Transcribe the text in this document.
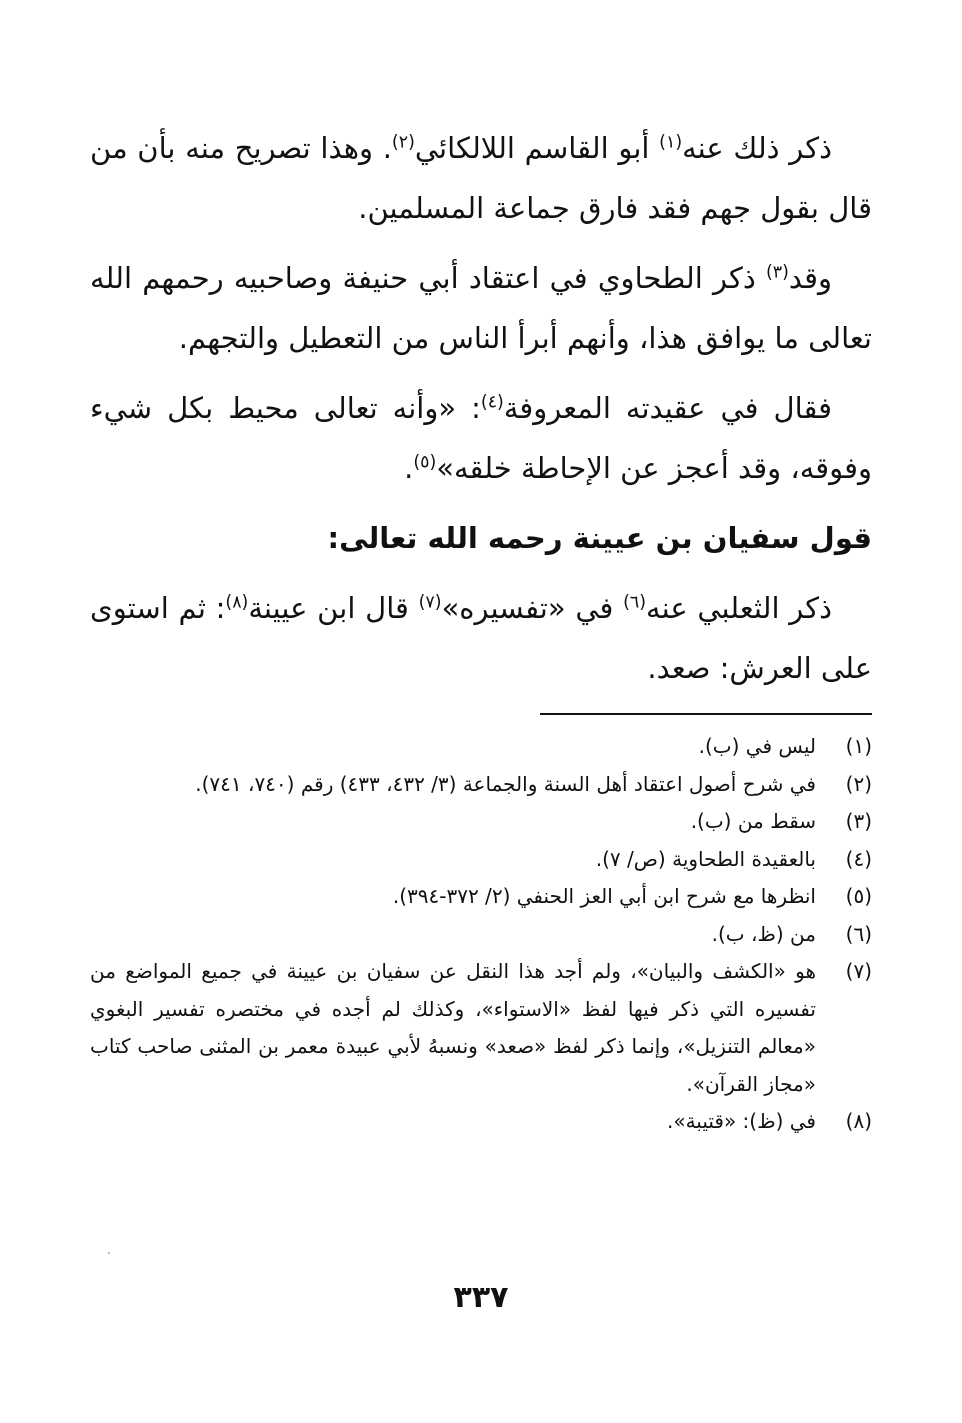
ذكر ذلك عنه$^{(١)}$ أبو القاسم اللالكائي$^{(٢)}$. وهذا تصريح منه بأن من قال بقول جهم فقد فارق جماعة المسلمين.

وقد$^{(٣)}$ ذكر الطحاوي في اعتقاد أبي حنيفة وصاحبيه رحمهم الله تعالى ما يوافق هذا، وأنهم أبرأ الناس من التعطيل والتجهم.

فقال في عقيدته المعروفة$^{(٤)}$: «وأنه تعالى محيط بكل شيء وفوقه، وقد أعجز عن الإحاطة خلقه»$^{(٥)}$.

قول سفيان بن عيينة رحمه الله تعالى:

ذكر الثعلبي عنه$^{(٦)}$ في «تفسيره»$^{(٧)}$ قال ابن عيينة$^{(٨)}$: ثم استوى على العرش: صعد.

(١)
ليس في (ب).
(٢)
في شرح أصول اعتقاد أهل السنة والجماعة (٣/ ٤٣٢، ٤٣٣) رقم (٧٤٠، ٧٤١).
(٣)
سقط من (ب).
(٤)
بالعقيدة الطحاوية (ص/ ٧).
(٥)
انظرها مع شرح ابن أبي العز الحنفي (٢/ ٣٧٢-٣٩٤).
(٦)
من (ظ، ب).
(٧)
هو «الكشف والبيان»، ولم أجد هذا النقل عن سفيان بن عيينة في جميع المواضع من تفسيره التي ذكر فيها لفظ «الاستواء»، وكذلك لم أجده في مختصره تفسير البغوي «معالم التنزيل»، وإنما ذكر لفظ «صعد» ونسبهُ لأبي عبيدة معمر بن المثنى صاحب كتاب «مجاز القرآن».
(٨)
في (ظ): «قتيبة».
٣٣٧
